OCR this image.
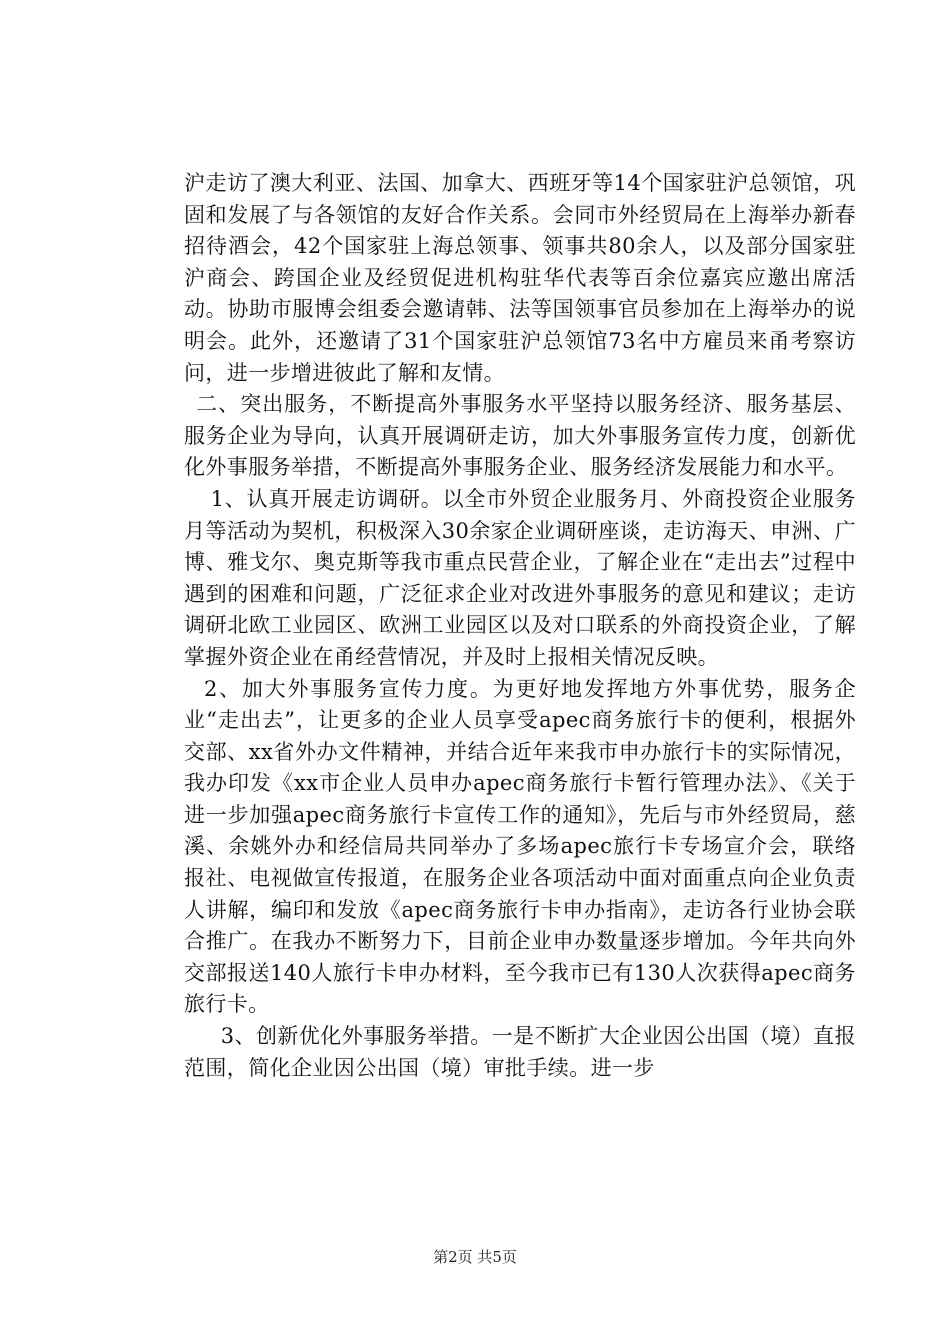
沪走访了澳大利亚、法国、加拿大、西班牙等14个国家驻沪总领馆，巩固和发展了与各领馆的友好合作关系。会同市外经贸局在上海举办新春招待酒会，42个国家驻上海总领事、领事共80余人，以及部分国家驻沪商会、跨国企业及经贸促进机构驻华代表等百余位嘉宾应邀出席活动。协助市服博会组委会邀请韩、法等国领事官员参加在上海举办的说明会。此外，还邀请了31个国家驻沪总领馆73名中方雇员来甬考察访问，进一步增进彼此了解和友情。

二、突出服务，不断提高外事服务水平坚持以服务经济、服务基层、服务企业为导向，认真开展调研走访，加大外事服务宣传力度，创新优化外事服务举措，不断提高外事服务企业、服务经济发展能力和水平。

1、认真开展走访调研。以全市外贸企业服务月、外商投资企业服务月等活动为契机，积极深入30余家企业调研座谈，走访海天、申洲、广博、雅戈尔、奥克斯等我市重点民营企业，了解企业在“走出去”过程中遇到的困难和问题，广泛征求企业对改进外事服务的意见和建议；走访调研北欧工业园区、欧洲工业园区以及对口联系的外商投资企业，了解掌握外资企业在甬经营情况，并及时上报相关情况反映。

2、加大外事服务宣传力度。为更好地发挥地方外事优势，服务企业“走出去”，让更多的企业人员享受apec商务旅行卡的便利，根据外交部、xx省外办文件精神，并结合近年来我市申办旅行卡的实际情况，我办印发《xx市企业人员申办apec商务旅行卡暂行管理办法》、《关于进一步加强apec商务旅行卡宣传工作的通知》，先后与市外经贸局，慈溪、余姚外办和经信局共同举办了多场apec旅行卡专场宣介会，联络报社、电视做宣传报道，在服务企业各项活动中面对面重点向企业负责人讲解，编印和发放《apec商务旅行卡申办指南》，走访各行业协会联合推广。在我办不断努力下，目前企业申办数量逐步增加。今年共向外交部报送140人旅行卡申办材料，至今我市已有130人次获得apec商务旅行卡。

3、创新优化外事服务举措。一是不断扩大企业因公出国（境）直报范围，简化企业因公出国（境）审批手续。进一步

第2页 共5页
